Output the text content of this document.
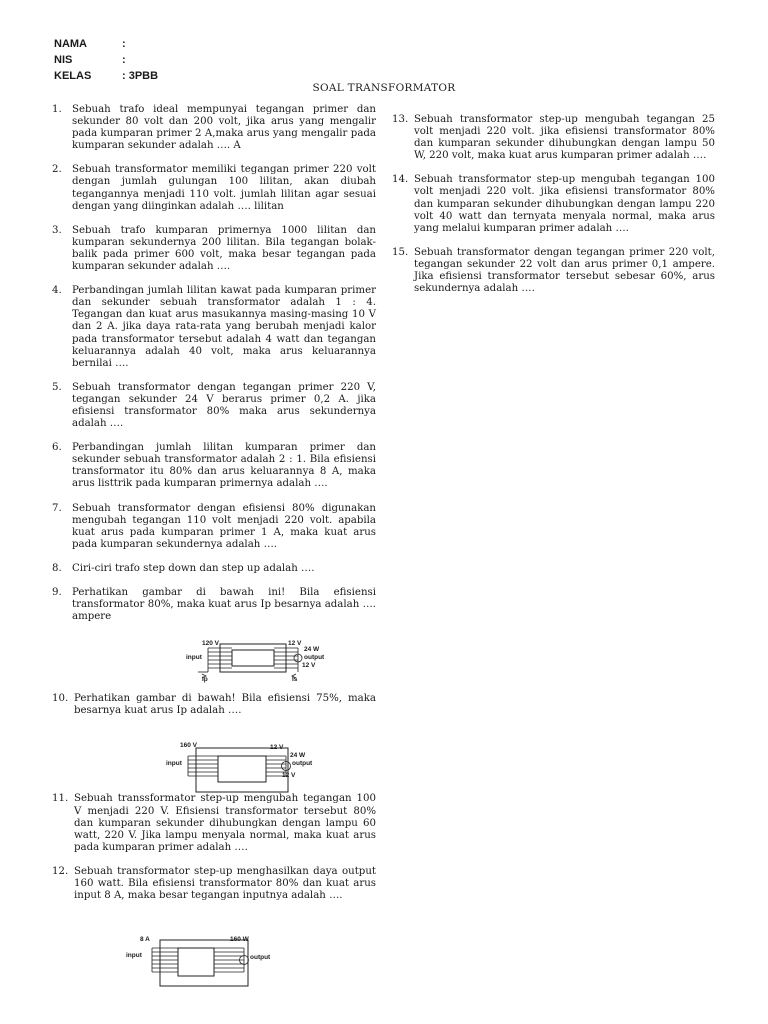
NAMA	:
NIS	:
KELAS	: 3PBB
SOAL TRANSFORMATOR
1.	Sebuah trafo ideal mempunyai tegangan primer dan sekunder 80 volt dan 200 volt, jika arus yang mengalir pada kumparan primer 2 A,maka arus yang mengalir pada kumparan sekunder adalah …. A
2.	Sebuah transformator memiliki tegangan primer 220 volt dengan jumlah gulungan 100 lilitan, akan diubah tegangannya menjadi 110 volt. jumlah lilitan agar sesuai dengan yang diinginkan adalah …. lilitan
3.	Sebuah trafo kumparan primernya 1000 lilitan dan kumparan sekundernya 200 lilitan. Bila tegangan bolak-balik pada primer 600 volt, maka besar tegangan pada kumparan sekunder adalah ….
4.	Perbandingan jumlah lilitan kawat pada kumparan primer dan sekunder sebuah transformator adalah 1 : 4. Tegangan dan kuat arus masukannya masing-masing 10 V dan 2 A. jika daya rata-rata yang berubah menjadi kalor pada transformator tersebut adalah 4 watt dan tegangan keluarannya adalah 40 volt, maka arus keluarannya bernilai ….
5.	Sebuah transformator dengan tegangan primer 220 V, tegangan sekunder 24 V berarus primer 0,2 A. jika efisiensi transformator 80% maka arus sekundernya adalah ….
6.	Perbandingan jumlah lilitan kumparan primer dan sekunder sebuah transformator adalah 2 : 1. Bila efisiensi transformator itu 80% dan arus keluarannya 8 A, maka arus listtrik pada kumparan primernya adalah ….
7.	Sebuah transformator dengan efisiensi 80% digunakan mengubah tegangan 110 volt menjadi 220 volt. apabila kuat arus pada kumparan primer 1 A, maka kuat arus pada kumparan sekundernya adalah ….
8.	Ciri-ciri trafo step down dan step up adalah ….
9.	Perhatikan gambar di bawah ini! Bila efisiensi transformator 80%, maka kuat arus Ip besarnya adalah …. ampere
10. Perhatikan gambar di bawah! Bila efisiensi 75%, maka besarnya kuat arus Ip adalah ….
11. Sebuah transsformator step-up mengubah tegangan 100 V menjadi 220 V. Efisiensi transformator tersebut 80% dan kumparan sekunder dihubungkan dengan lampu 60 watt, 220 V. Jika lampu menyala normal, maka kuat arus pada kumparan primer adalah ….
12. Sebuah transformator step-up menghasilkan daya output 160 watt. Bila efisiensi transformator 80% dan kuat arus input 8 A, maka besar tegangan inputnya adalah ….
13. Sebuah transformator step-up mengubah tegangan 25 volt menjadi 220 volt. jika efisiensi transformator 80% dan kumparan sekunder dihubungkan dengan lampu 50 W, 220 volt, maka kuat arus kumparan primer adalah ….
14. Sebuah transformator step-up mengubah tegangan 100 volt menjadi 220 volt. jika efisiensi transformator 80% dan kumparan sekunder dihubungkan dengan lampu 220 volt 40 watt dan ternyata menyala normal, maka arus yang melalui kumparan primer adalah ….
15. Sebuah transformator dengan tegangan primer 220 volt, tegangan sekunder 22 volt dan arus primer 0,1 ampere. Jika efisiensi transformator tersebut sebesar 60%, arus sekundernya adalah ….
120 V
input
12 V
24 W
output
12 V
Ip	Is
160 V
input
12 V
24 W
output
12 V
8 A
input
160 W
output
